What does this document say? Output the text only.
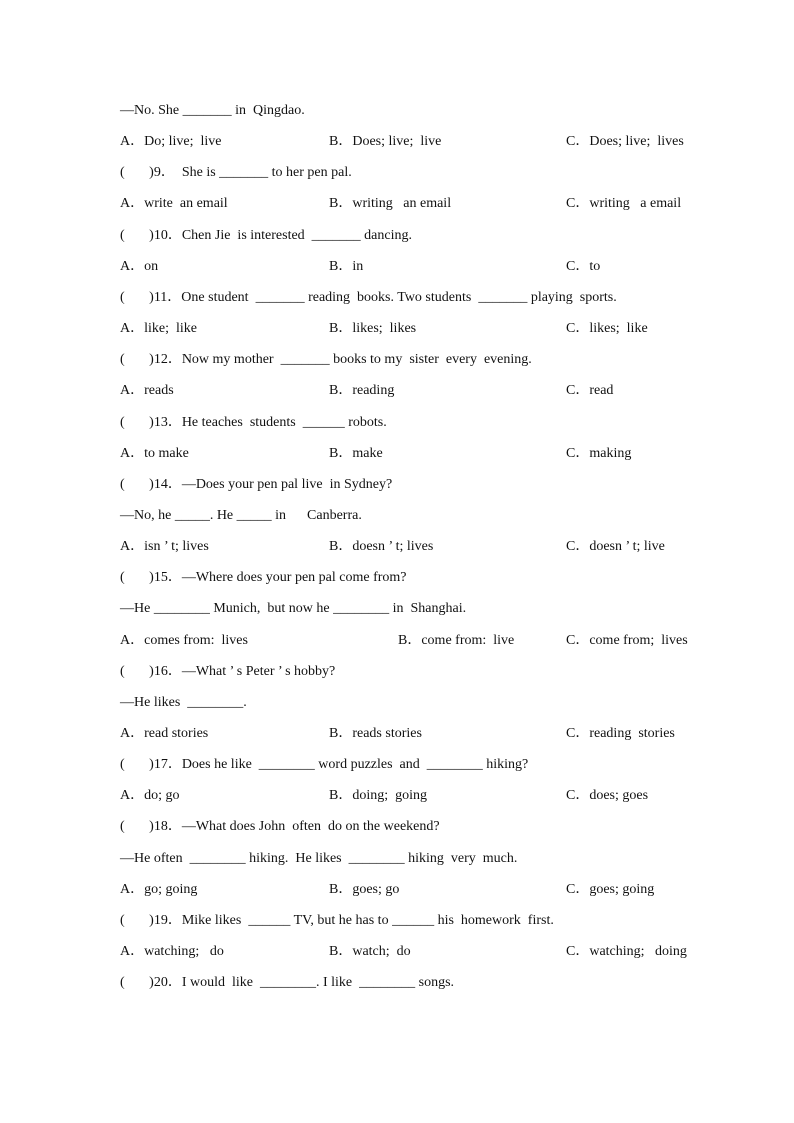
—No. She _______ in  Qingdao.
A．Do; live;  live	B．Does; live;  live	C．Does; live;  lives
(       )9．  She is _______ to her pen pal.
A．write  an email	B．writing   an email	C．writing   a email
(       )10．Chen Jie  is interested  _______ dancing.
A．on	B．in	C．to
(       )11．One student  _______ reading  books. Two students  _______ playing  sports.
A．like;  like	B．likes;  likes	C．likes;  like
(       )12．Now my mother  _______ books to my  sister  every  evening.
A．reads	B．reading	C．read
(       )13．He teaches  students  ______ robots.
A．to make	B．make	C．making
(       )14．—Does your pen pal live  in Sydney?
—No, he _____. He _____ in      Canberra.
A．isn ’ t; lives	B．doesn ’ t; lives	C．doesn ’ t; live
(       )15．—Where does your pen pal come from?
—He ________ Munich,  but now he ________ in  Shanghai.
A．comes from:  lives	B．come from:  live	C．come from;  lives
(       )16．—What ’ s Peter ’ s hobby?
—He likes  ________.
A．read stories	B．reads stories	C．reading  stories
(       )17．Does he like  ________ word puzzles  and  ________ hiking?
A．do; go	B．doing;  going	C．does; goes
(       )18．—What does John  often  do on the weekend?
—He often  ________ hiking.  He likes  ________ hiking  very  much.
A．go; going	B．goes; go	C．goes; going
(       )19．Mike likes  ______ TV, but he has to ______ his  homework  first.
A．watching;   do	B．watch;  do	C．watching;   doing
(       )20．I would  like  ________. I like  ________ songs.
